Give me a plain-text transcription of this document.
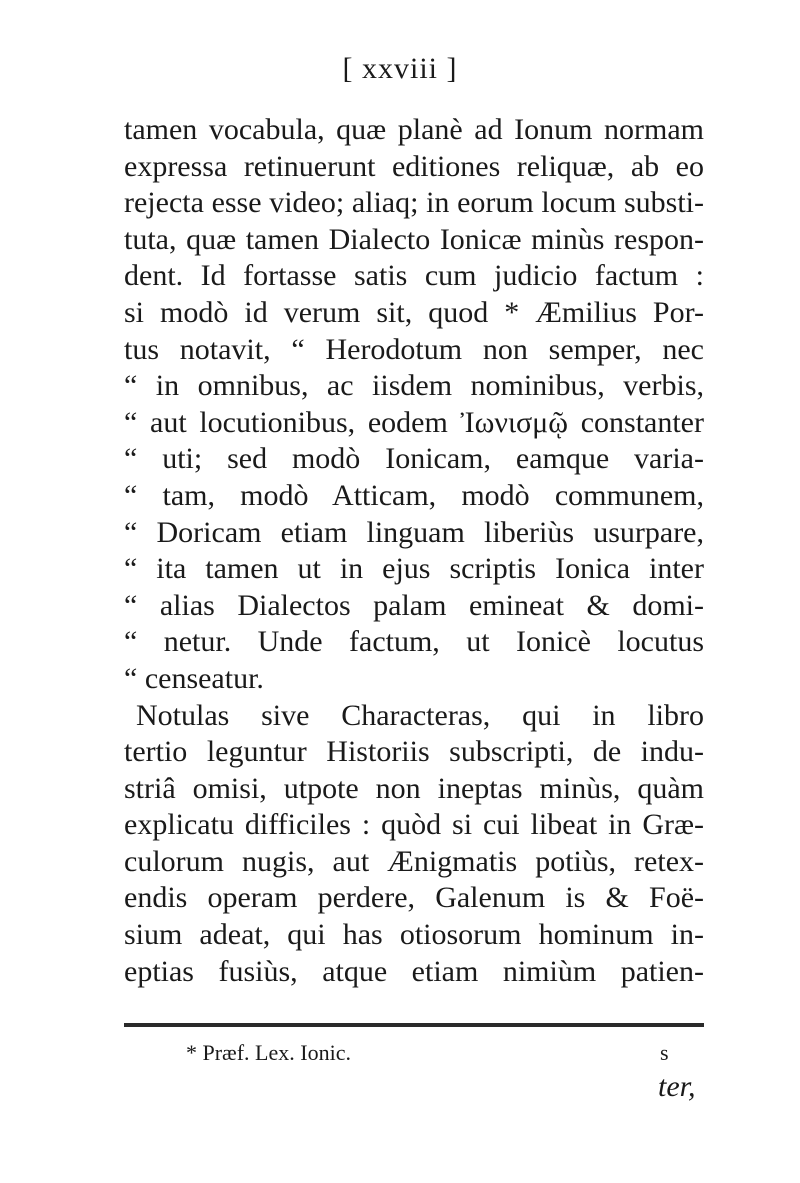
[ xxviii ]
tamen vocabula, quæ planè ad Ionum normam
expressa retinuerunt editiones reliquæ, ab eo
rejecta esse video; aliaq; in eorum locum substi-
tuta, quæ tamen Dialecto Ionicæ minùs respon-
dent. Id fortasse satis cum judicio factum :
si modò id verum sit, quod * Æmilius Por-
tus notavit, “ Herodotum non semper, nec
“ in omnibus, ac iisdem nominibus, verbis,
“ aut locutionibus, eodem Ἰωνισμῷ constanter
“ uti; sed modò Ionicam, eamque varia-
“ tam, modò Atticam, modò communem,
“ Doricam etiam linguam liberiùs usurpare,
“ ita tamen ut in ejus scriptis Ionica inter
“ alias Dialectos palam emineat & domi-
“ netur. Unde factum, ut Ionicè locutus
“ censeatur.
Notulas sive Characteras, qui in libro
tertio leguntur Historiis subscripti, de indu-
striâ omisi, utpote non ineptas minùs, quàm
explicatu difficiles : quòd si cui libeat in Græ-
culorum nugis, aut Ænigmatis potiùs, retex-
endis operam perdere, Galenum is & Foë-
sium adeat, qui has otiosorum hominum in-
eptias fusiùs, atque etiam nimiùm patien-
* Præf. Lex. Ionic.	s
ter,
